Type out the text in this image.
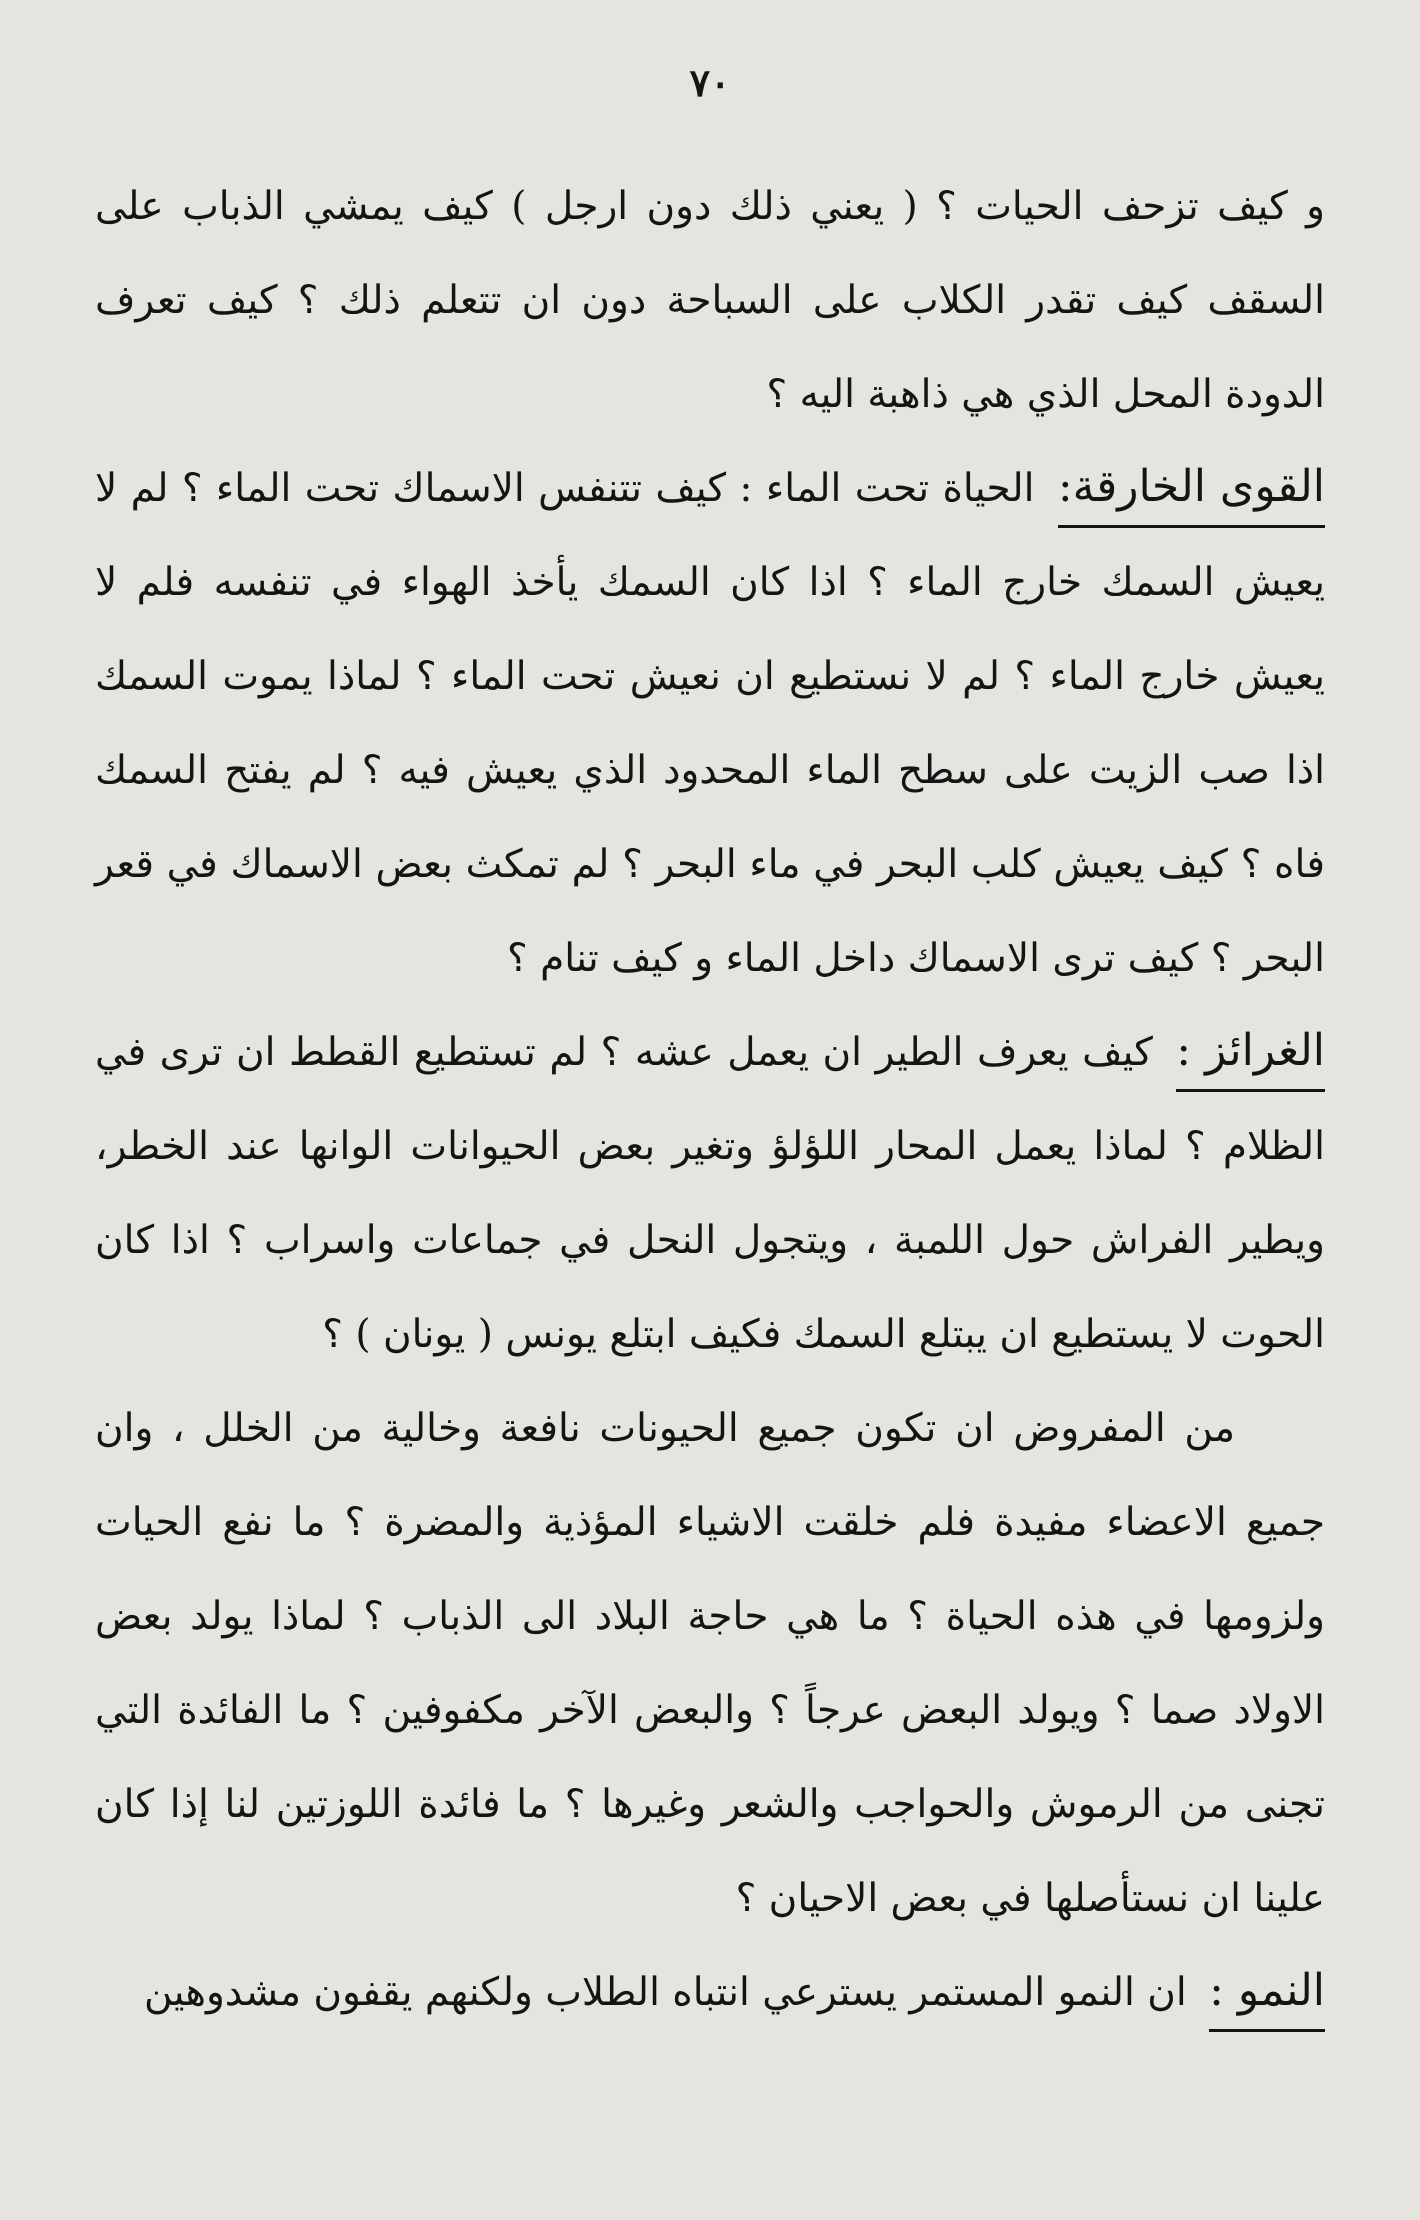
٧٠

و كيف تزحف الحيات ؟ ( يعني ذلك دون ارجل ) كيف يمشي الذباب على السقف كيف تقدر الكلاب على السباحة دون ان تتعلم ذلك ؟ كيف تعرف الدودة المحل الذي هي ذاهبة اليه ؟

القوى الخارقة: الحياة تحت الماء : كيف تتنفس الاسماك تحت الماء ؟ لم لا يعيش السمك خارج الماء ؟ اذا كان السمك يأخذ الهواء في تنفسه فلم لا يعيش خارج الماء ؟ لم لا نستطيع ان نعيش تحت الماء ؟ لماذا يموت السمك اذا صب الزيت على سطح الماء المحدود الذي يعيش فيه ؟ لم يفتح السمك فاه ؟ كيف يعيش كلب البحر في ماء البحر ؟ لم تمكث بعض الاسماك في قعر البحر ؟ كيف ترى الاسماك داخل الماء و كيف تنام ؟

الغرائز : كيف يعرف الطير ان يعمل عشه ؟ لم تستطيع القطط ان ترى في الظلام ؟ لماذا يعمل المحار اللؤلؤ وتغير بعض الحيوانات الوانها عند الخطر، ويطير الفراش حول اللمبة ، ويتجول النحل في جماعات واسراب ؟ اذا كان الحوت لا يستطيع ان يبتلع السمك فكيف ابتلع يونس ( يونان ) ؟

من المفروض ان تكون جميع الحيونات نافعة وخالية من الخلل ، وان جميع الاعضاء مفيدة فلم خلقت الاشياء المؤذية والمضرة ؟ ما نفع الحيات ولزومها في هذه الحياة ؟ ما هي حاجة البلاد الى الذباب ؟ لماذا يولد بعض الاولاد صما ؟ ويولد البعض عرجاً ؟ والبعض الآخر مكفوفين ؟ ما الفائدة التي تجنى من الرموش والحواجب والشعر وغيرها ؟ ما فائدة اللوزتين لنا إذا كان علينا ان نستأصلها في بعض الاحيان ؟

النمو : ان النمو المستمر يسترعي انتباه الطلاب ولكنهم يقفون مشدوهين
